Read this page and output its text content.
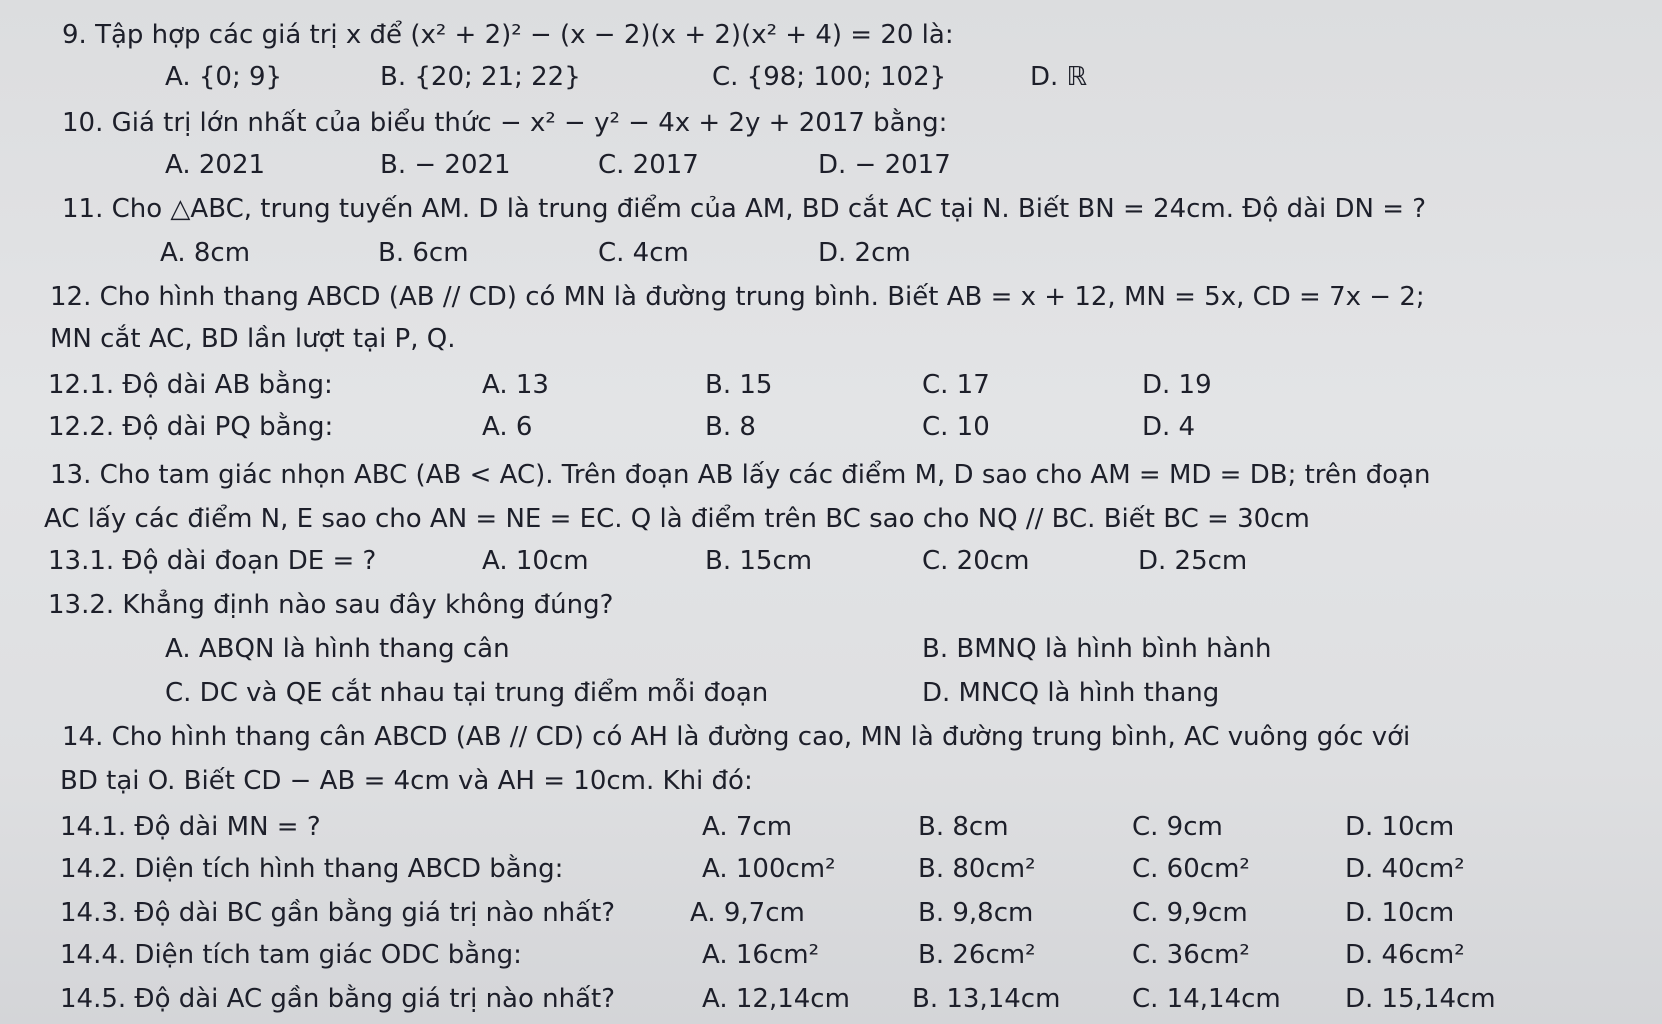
9. Tập hợp các giá trị x để (x² + 2)² − (x − 2)(x + 2)(x² + 4) = 20 là:
A. {0; 9}	B. {20; 21; 22}	C. {98; 100; 102}	D. ℝ
10. Giá trị lớn nhất của biểu thức − x² − y² − 4x + 2y + 2017 bằng:
A. 2021	B. − 2021	C. 2017	D. − 2017
11. Cho △ABC, trung tuyến AM. D là trung điểm của AM, BD cắt AC tại N. Biết BN = 24cm. Độ dài DN = ?
A. 8cm	B. 6cm	C. 4cm	D. 2cm
12. Cho hình thang ABCD (AB // CD) có MN là đường trung bình. Biết AB = x + 12, MN = 5x, CD = 7x − 2;
MN cắt AC, BD lần lượt tại P, Q.
12.1. Độ dài AB bằng:	A. 13	B. 15	C. 17	D. 19
12.2. Độ dài PQ bằng:	A. 6	B. 8	C. 10	D. 4
13. Cho tam giác nhọn ABC (AB < AC). Trên đoạn AB lấy các điểm M, D sao cho AM = MD = DB; trên đoạn
AC lấy các điểm N, E sao cho AN = NE = EC. Q là điểm trên BC sao cho NQ // BC. Biết BC = 30cm
13.1. Độ dài đoạn DE = ?	A. 10cm	B. 15cm	C. 20cm	D. 25cm
13.2. Khẳng định nào sau đây không đúng?
A. ABQN là hình thang cân	B. BMNQ là hình bình hành
C. DC và QE cắt nhau tại trung điểm mỗi đoạn	D. MNCQ là hình thang
14. Cho hình thang cân ABCD (AB // CD) có AH là đường cao, MN là đường trung bình, AC vuông góc với
BD tại O. Biết CD − AB = 4cm và AH = 10cm. Khi đó:
14.1. Độ dài MN = ?	A. 7cm	B. 8cm	C. 9cm	D. 10cm
14.2. Diện tích hình thang ABCD bằng:	A. 100cm²	B. 80cm²	C. 60cm²	D. 40cm²
14.3. Độ dài BC gần bằng giá trị nào nhất?	A. 9,7cm	B. 9,8cm	C. 9,9cm	D. 10cm
14.4. Diện tích tam giác ODC bằng:	A. 16cm²	B. 26cm²	C. 36cm²	D. 46cm²
14.5. Độ dài AC gần bằng giá trị nào nhất?	A. 12,14cm B. 13,14cm	C. 14,14cm D. 15,14cm
